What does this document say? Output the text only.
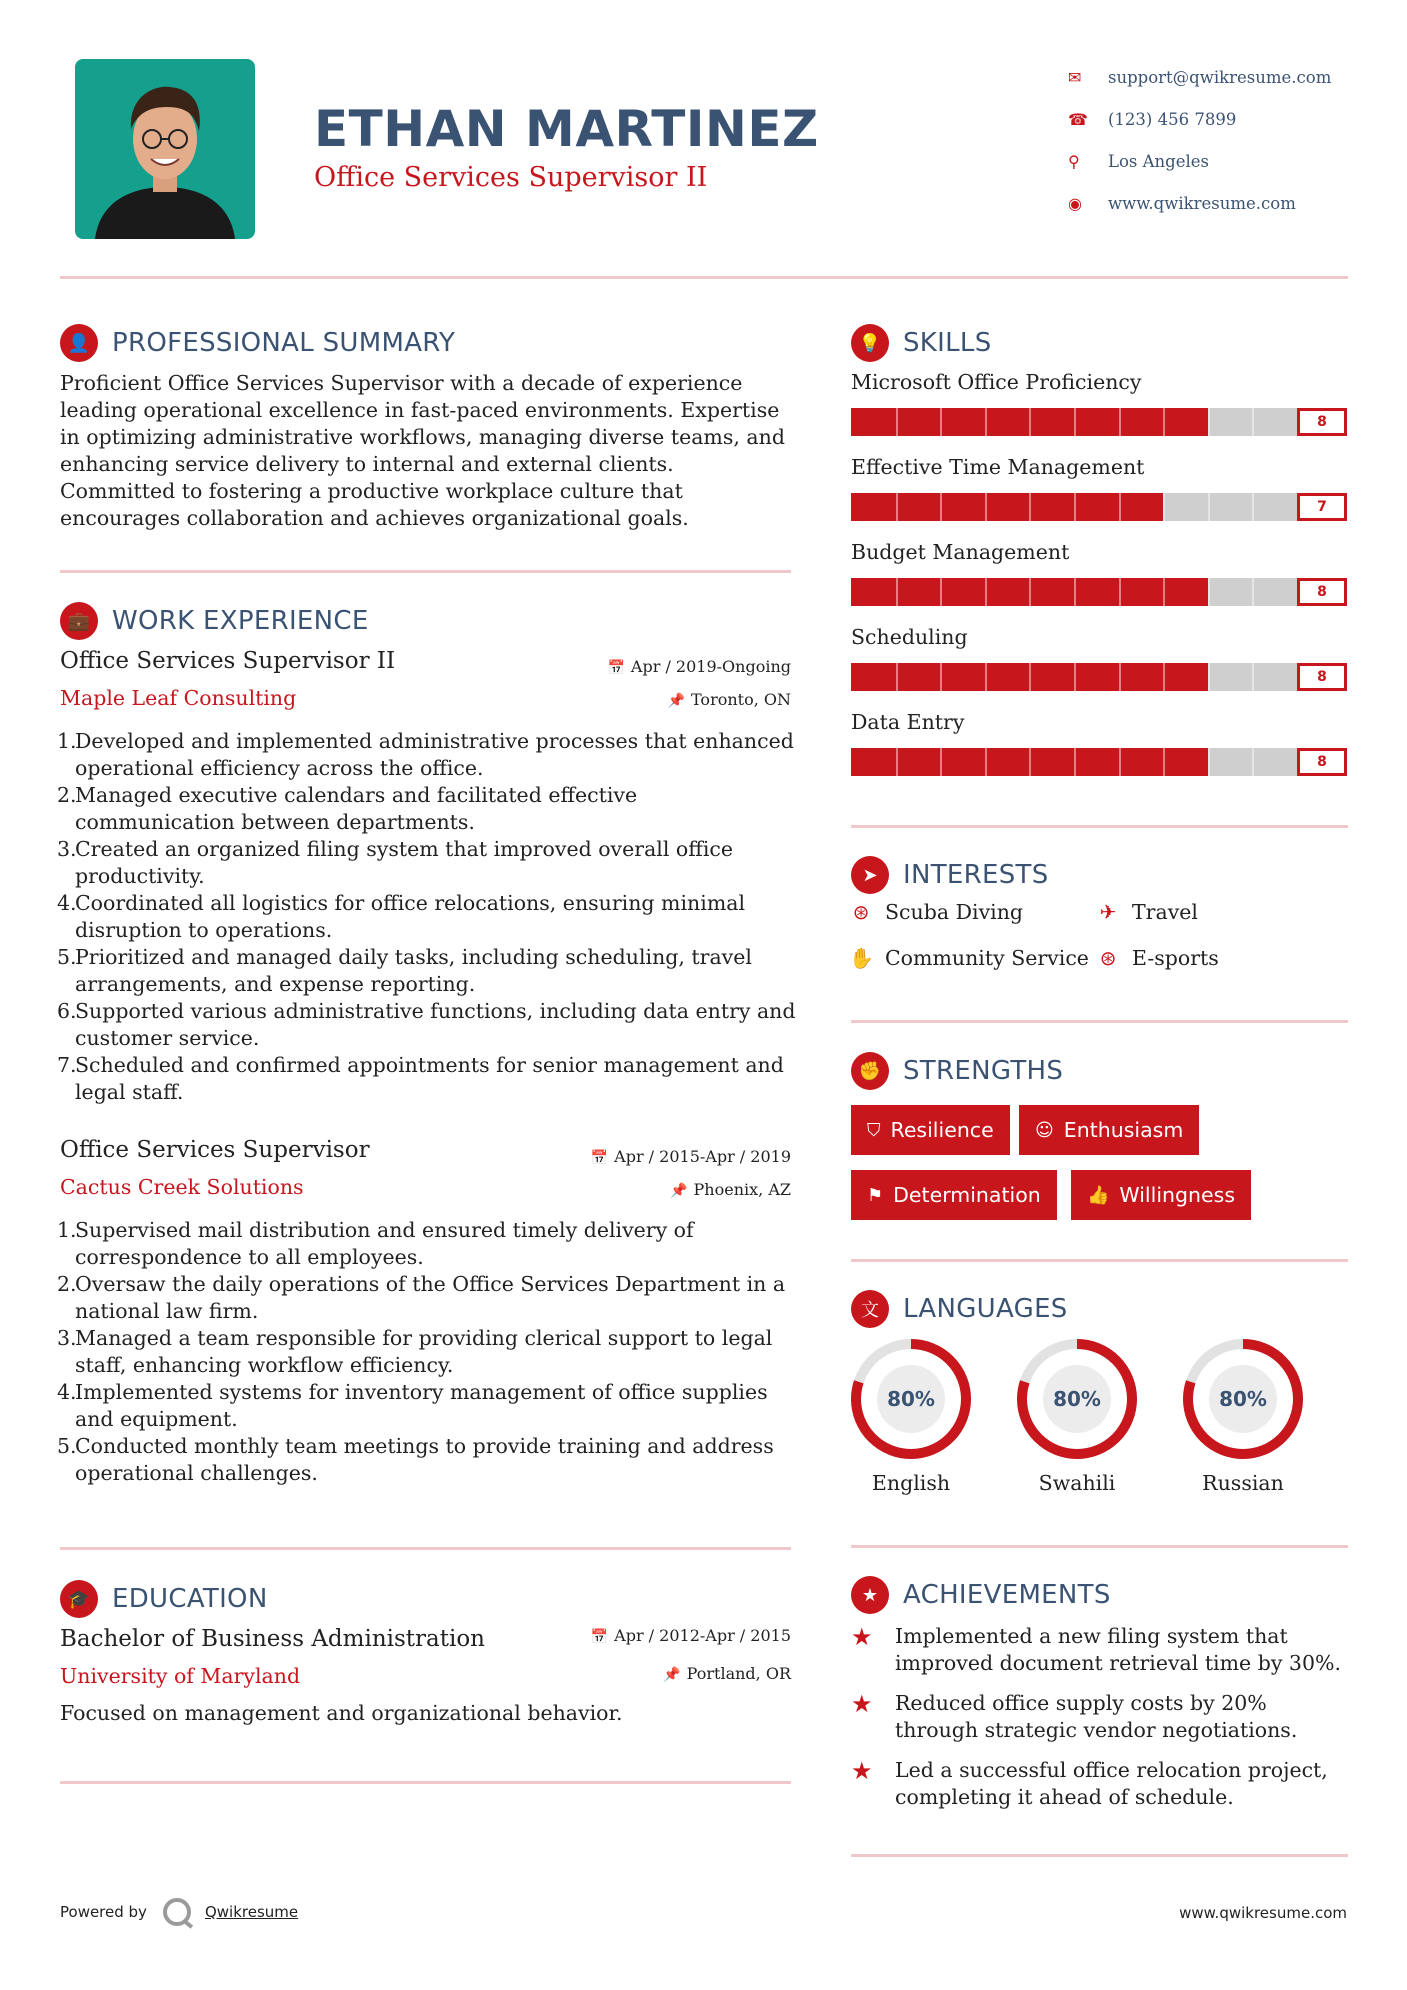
ETHAN MARTINEZ
Office Services Supervisor II
✉	support@qwikresume.com
☎	(123) 456 7899
⚲	Los Angeles
◉	www.qwikresume.com
👤 PROFESSIONAL SUMMARY
Proficient Office Services Supervisor with a decade of experience leading operational excellence in fast-paced environments. Expertise in optimizing administrative workflows, managing diverse teams, and enhancing service delivery to internal and external clients. Committed to fostering a productive workplace culture that encourages collaboration and achieves organizational goals.
💼 WORK EXPERIENCE
Office Services Supervisor II
Maple Leaf Consulting
📅 Apr / 2019-Ongoing
📌 Toronto, ON
1.
Developed and implemented administrative processes that enhanced operational efficiency across the office.
2.
Managed executive calendars and facilitated effective communication between departments.
3.
Created an organized filing system that improved overall office productivity.
4.
Coordinated all logistics for office relocations, ensuring minimal disruption to operations.
5.
Prioritized and managed daily tasks, including scheduling, travel arrangements, and expense reporting.
6.
Supported various administrative functions, including data entry and customer service.
7.
Scheduled and confirmed appointments for senior management and legal staff.
Office Services Supervisor
Cactus Creek Solutions
📅 Apr / 2015-Apr / 2019
📌 Phoenix, AZ
1.
Supervised mail distribution and ensured timely delivery of correspondence to all employees.
2.
Oversaw the daily operations of the Office Services Department in a national law firm.
3.
Managed a team responsible for providing clerical support to legal staff, enhancing workflow efficiency.
4.
Implemented systems for inventory management of office supplies and equipment.
5.
Conducted monthly team meetings to provide training and address operational challenges.
🎓 EDUCATION
Bachelor of Business Administration
University of Maryland
📅 Apr / 2012-Apr / 2015
📌 Portland, OR
Focused on management and organizational behavior.
💡 SKILLS
Microsoft Office Proficiency
8
Effective Time Management
7
Budget Management
8
Scheduling
8
Data Entry
8
➤ INTERESTS
⊛ Scuba Diving	✈ Travel
✋ Community Service ⊛ E-sports
✊ STRENGTHS
⛉ Resilience ☺ Enthusiasm
⚑ Determination	👍 Willingness
文 LANGUAGES
80%
English
80%
Swahili
80%
Russian
★ ACHIEVEMENTS
★	Implemented a new filing system that improved document retrieval time by 30%.
★	Reduced office supply costs by 20% through strategic vendor negotiations.
★	Led a successful office relocation project, completing it ahead of schedule.
Powered by	Qwikresume	www.qwikresume.com
